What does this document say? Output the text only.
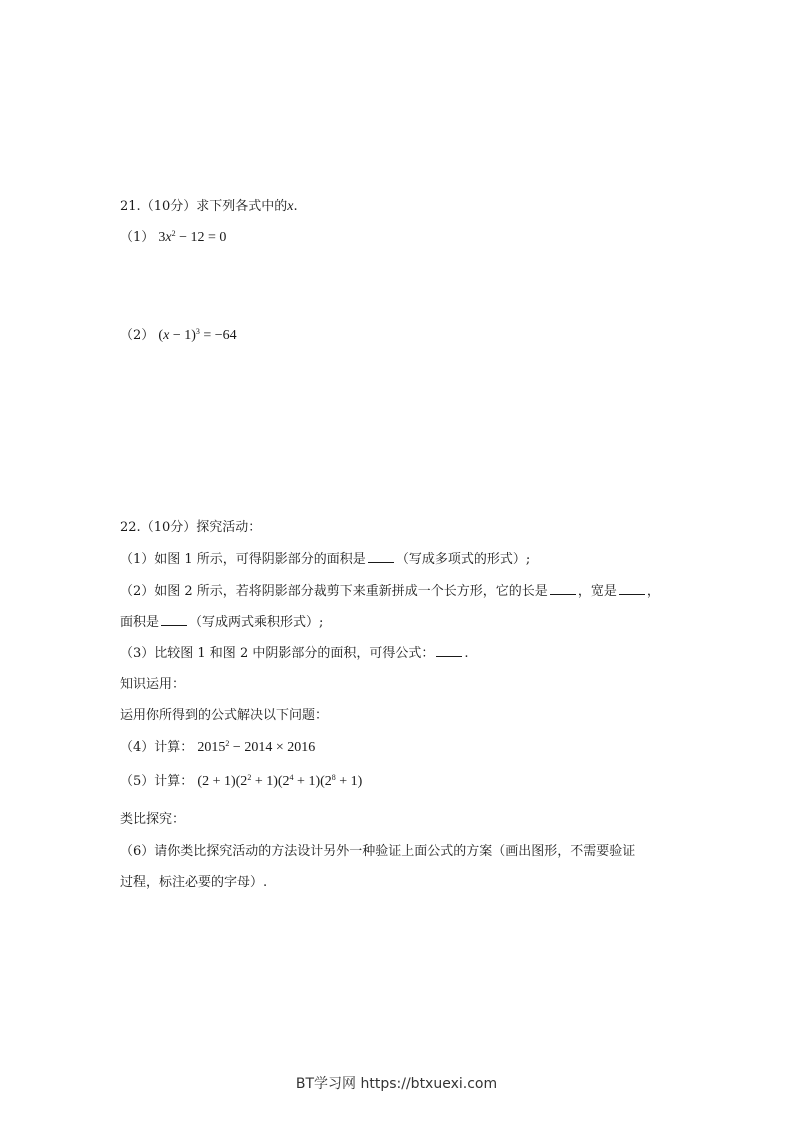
21.（10分）求下列各式中的x.
（1） $3x^2 - 12 = 0$
（2） $(x - 1)^3 = -64$
22.（10分）探究活动：
（1）如图 1 所示，可得阴影部分的面积是 （写成多项式的形式）;
（2）如图 2 所示，若将阴影部分裁剪下来重新拼成一个长方形，它的长是 ，宽是 ，
面积是 （写成两式乘积形式）;
（3）比较图 1 和图 2 中阴影部分的面积，可得公式： .
知识运用：
运用你所得到的公式解决以下问题：
（4）计算： $2015^2 - 2014 \times 2016$
（5）计算： $(2 + 1)(2^2 + 1)(2^4 + 1)(2^8 + 1)$
类比探究：
（6）请你类比探究活动的方法设计另外一种验证上面公式的方案（画出图形，不需要验证
过程，标注必要的字母）.
BT学习网 https://btxuexi.com
